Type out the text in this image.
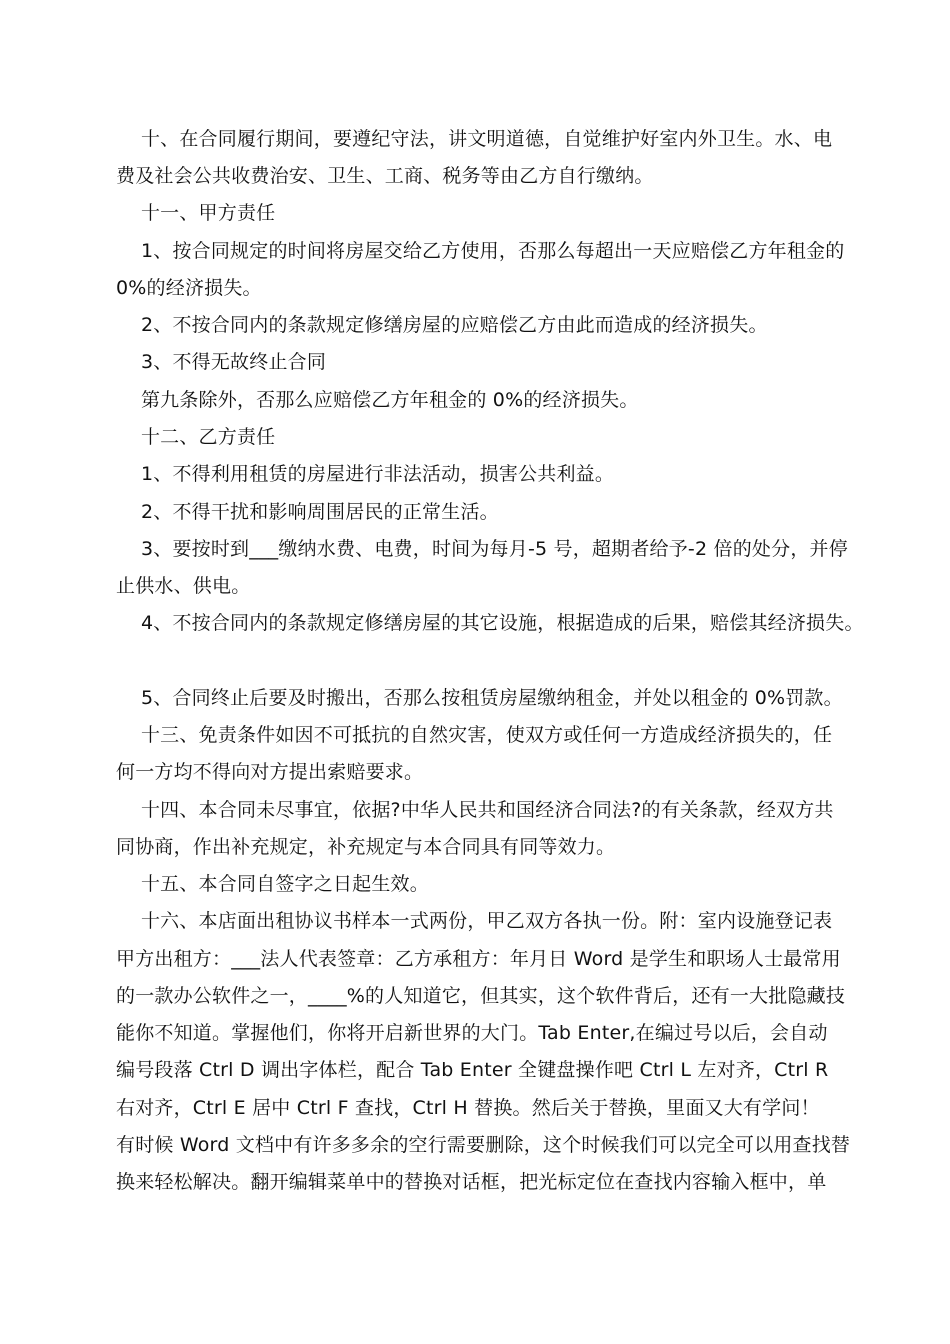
十、在合同履行期间，要遵纪守法，讲文明道德，自觉维护好室内外卫生。水、电
费及社会公共收费治安、卫生、工商、税务等由乙方自行缴纳。
十一、甲方责任
1、按合同规定的时间将房屋交给乙方使用，否那么每超出一天应赔偿乙方年租金的
0%的经济损失。
2、不按合同内的条款规定修缮房屋的应赔偿乙方由此而造成的经济损失。
3、不得无故终止合同
第九条除外，否那么应赔偿乙方年租金的 0%的经济损失。
十二、乙方责任
1、不得利用租赁的房屋进行非法活动，损害公共利益。
2、不得干扰和影响周围居民的正常生活。
3、要按时到___缴纳水费、电费，时间为每月-5 号，超期者给予-2 倍的处分，并停
止供水、供电。
4、不按合同内的条款规定修缮房屋的其它设施，根据造成的后果，赔偿其经济损失。
5、合同终止后要及时搬出，否那么按租赁房屋缴纳租金，并处以租金的 0%罚款。
十三、免责条件如因不可抵抗的自然灾害，使双方或任何一方造成经济损失的，任
何一方均不得向对方提出索赔要求。
十四、本合同未尽事宜，依据?中华人民共和国经济合同法?的有关条款，经双方共
同协商，作出补充规定，补充规定与本合同具有同等效力。
十五、本合同自签字之日起生效。
十六、本店面出租协议书样本一式两份，甲乙双方各执一份。附：室内设施登记表
甲方出租方：___法人代表签章：乙方承租方：年月日 Word 是学生和职场人士最常用
的一款办公软件之一，____%的人知道它，但其实，这个软件背后，还有一大批隐藏技
能你不知道。掌握他们，你将开启新世界的大门。Tab Enter,在编过号以后，会自动
编号段落 Ctrl D 调出字体栏，配合 Tab Enter 全键盘操作吧 Ctrl L 左对齐，Ctrl R
右对齐，Ctrl E 居中 Ctrl F 查找，Ctrl H 替换。然后关于替换，里面又大有学问！
有时候 Word 文档中有许多多余的空行需要删除，这个时候我们可以完全可以用查找替
换来轻松解决。翻开编辑菜单中的替换对话框，把光标定位在查找内容输入框中，单
